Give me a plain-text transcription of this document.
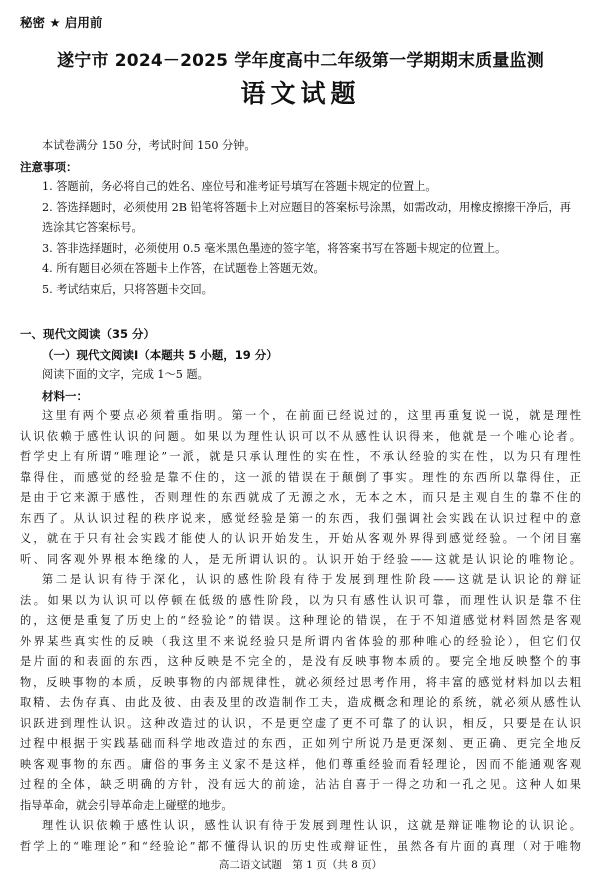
秘密 ★ 启用前
遂宁市 2024－2025 学年度高中二年级第一学期期末质量监测
语文试题
本试卷满分 150 分，考试时间 150 分钟。
注意事项：
1. 答题前，务必将自己的姓名、座位号和准考证号填写在答题卡规定的位置上。
2. 答选择题时，必须使用 2B 铅笔将答题卡上对应题目的答案标号涂黑，如需改动，用橡皮擦擦干净后，再选涂其它答案标号。
3. 答非选择题时，必须使用 0.5 毫米黑色墨迹的签字笔，将答案书写在答题卡规定的位置上。
4. 所有题目必须在答题卡上作答，在试题卷上答题无效。
5. 考试结束后，只将答题卡交回。
一、现代文阅读（35 分）
（一）现代文阅读Ⅰ（本题共 5 小题，19 分）
阅读下面的文字，完成 1～5 题。
材料一：
这里有两个要点必须着重指明。第一个，在前面已经说过的，这里再重复说一说，就是理性
认识依赖于感性认识的问题。如果以为理性认识可以不从感性认识得来，他就是一个唯心论者。
哲学史上有所谓“唯理论”一派，就是只承认理性的实在性，不承认经验的实在性，以为只有理性
靠得住，而感觉的经验是靠不住的，这一派的错误在于颠倒了事实。理性的东西所以靠得住，正
是由于它来源于感性，否则理性的东西就成了无源之水，无本之木，而只是主观自生的靠不住的
东西了。从认识过程的秩序说来，感觉经验是第一的东西，我们强调社会实践在认识过程中的意
义，就在于只有社会实践才能使人的认识开始发生，开始从客观外界得到感觉经验。一个闭目塞
听、同客观外界根本绝缘的人，是无所谓认识的。认识开始于经验——这就是认识论的唯物论。
第二是认识有待于深化，认识的感性阶段有待于发展到理性阶段——这就是认识论的辩证
法。如果以为认识可以停顿在低级的感性阶段，以为只有感性认识可靠，而理性认识是靠不住
的，这便是重复了历史上的“经验论”的错误。这种理论的错误，在于不知道感觉材料固然是客观
外界某些真实性的反映（我这里不来说经验只是所谓内省体验的那种唯心的经验论），但它们仅
是片面的和表面的东西，这种反映是不完全的，是没有反映事物本质的。要完全地反映整个的事
物，反映事物的本质，反映事物的内部规律性，就必须经过思考作用，将丰富的感觉材料加以去粗
取精、去伪存真、由此及彼、由表及里的改造制作工夫，造成概念和理论的系统，就必须从感性认
识跃进到理性认识。这种改造过的认识，不是更空虚了更不可靠了的认识，相反，只要是在认识
过程中根据于实践基础而科学地改造过的东西，正如列宁所说乃是更深刻、更正确、更完全地反
映客观事物的东西。庸俗的事务主义家不是这样，他们尊重经验而看轻理论，因而不能通观客观
过程的全体，缺乏明确的方针，没有远大的前途，沾沾自喜于一得之功和一孔之见。这种人如果
指导革命，就会引导革命走上碰壁的地步。
理性认识依赖于感性认识，感性认识有待于发展到理性认识，这就是辩证唯物论的认识论。
哲学上的“唯理论”和“经验论”都不懂得认识的历史性或辩证性，虽然各有片面的真理（对于唯物
高二语文试题　第 1 页（共 8 页）
